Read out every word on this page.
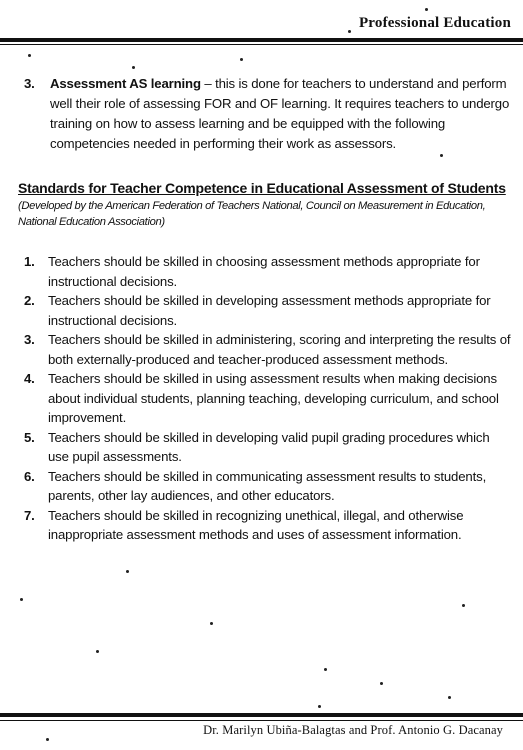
Professional Education
3.	Assessment AS learning – this is done for teachers to understand and perform well their role of assessing FOR and OF learning. It requires teachers to undergo training on how to assess learning and be equipped with the following competencies needed in performing their work as assessors.
Standards for Teacher Competence in Educational Assessment of Students
(Developed by the American Federation of Teachers National, Council on Measurement in Education, National Education Association)
1.	Teachers should be skilled in choosing assessment methods appropriate for instructional decisions.
2.	Teachers should be skilled in developing assessment methods appropriate for instructional decisions.
3.	Teachers should be skilled in administering, scoring and interpreting the results of both externally-produced and teacher-produced assessment methods.
4.	Teachers should be skilled in using assessment results when making decisions about individual students, planning teaching, developing curriculum, and school improvement.
5.	Teachers should be skilled in developing valid pupil grading procedures which use pupil assessments.
6.	Teachers should be skilled in communicating assessment results to students, parents, other lay audiences, and other educators.
7.	Teachers should be skilled in recognizing unethical, illegal, and otherwise inappropriate assessment methods and uses of assessment information.
Dr. Marilyn Ubiña-Balagtas and Prof. Antonio G. Dacanay
